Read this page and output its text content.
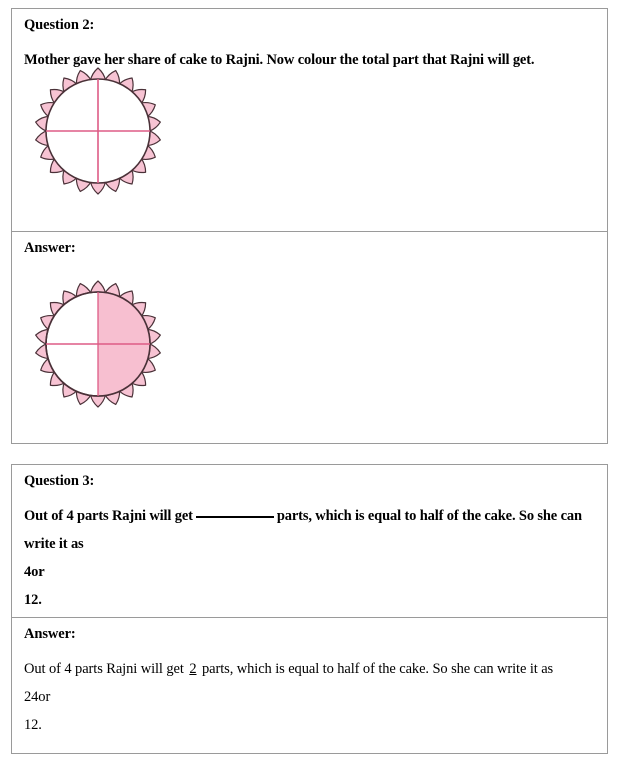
Question 2:

Mother gave her share of cake to Rajni. Now colour the total part that Rajni will get.

Answer:

Question 3:

Out of 4 parts Rajni will get	parts, which is equal to half of the cake. So she can write it as

4or

12.

Answer:

Out of 4 parts Rajni will get 2 parts, which is equal to half of the cake. So she can write it as

24or

12.
